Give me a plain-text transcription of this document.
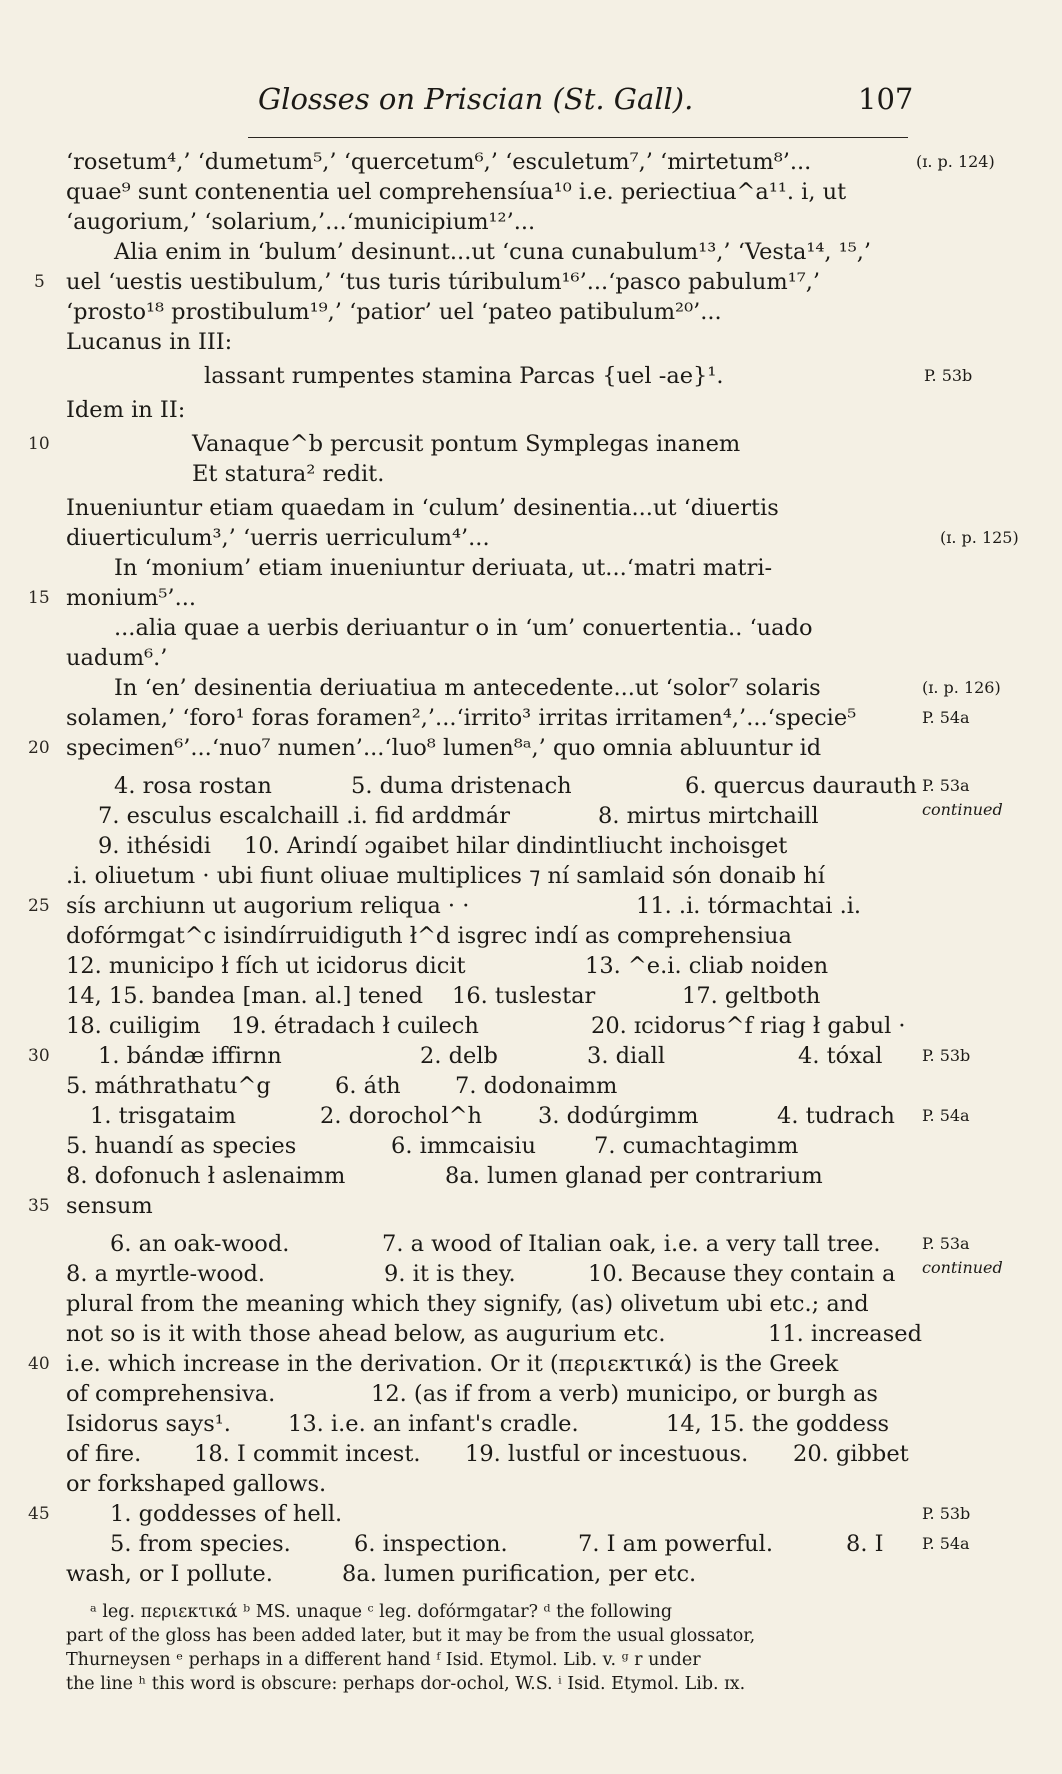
Glosses on Priscian (St. Gall).	107
‘rosetum⁴,’ ‘dumetum⁵,’ ‘quercetum⁶,’ ‘esculetum⁷,’ ‘mirtetum⁸’...
quae⁹ sunt contenentia uel comprehensíua¹⁰ i.e. periectiua^a¹¹. i, ut
‘augorium,’ ‘solarium,’...‘municipium¹²’...
Alia enim in ‘bulum’ desinunt...ut ‘cuna cunabulum¹³,’ ‘Vesta¹⁴, ¹⁵,’
uel ‘uestis uestibulum,’ ‘tus turis túribulum¹⁶’...‘pasco pabulum¹⁷,’
‘prosto¹⁸ prostibulum¹⁹,’ ‘patior’ uel ‘pateo patibulum²⁰’...
Lucanus in III:
lassant rumpentes stamina Parcas {uel -ae}¹.
Idem in II:
Vanaque^b percusit pontum Symplegas inanem
Et statura² redit.
Inueniuntur etiam quaedam in ‘culum’ desinentia...ut ‘diuertis
diuerticulum³,’ ‘uerris uerriculum⁴’...
In ‘monium’ etiam inueniuntur deriuata, ut...‘matri matri-
monium⁵’...
...alia quae a uerbis deriuantur o in ‘um’ conuertentia.. ‘uado
uadum⁶.’
In ‘en’ desinentia deriuatiua m antecedente...ut ‘solor⁷ solaris
solamen,’ ‘foro¹ foras foramen²,’...‘irrito³ irritas irritamen⁴,’...‘specie⁵
specimen⁶’...‘nuo⁷ numen’...‘luo⁸ lumen⁸ᵃ,’ quo omnia abluuntur id
4. rosa rostan	5. duma dristenach	6. quercus daurauth
7. esculus escalchaill .i. fid arddmár	8. mirtus mirtchaill
9. ithésidi 10. Arindí ɔgaibet hilar dindintliucht inchoisget
.i. oliuetum · ubi fiunt oliuae multiplices ⁊ ní samlaid són donaib hí
sís archiunn ut augorium reliqua · ·	11. .i. tórmachtai .i.
dofórmgat^c isindírruidiguth ł^d isgrec indí as comprehensiua
12. municipo ł fích ut icidorus dicit	13. ^e.i. cliab noiden
14, 15. bandea [man. al.] tened 16. tuslestar	17. geltboth
18. cuiligim 19. étradach ł cuilech	20. ɪcidorus^f riag ł gabul ·
1. bándæ iffirnn	2. delb	3. diall	4. tóxal
5. máthrathatu^g	6. áth 7. dodonaimm
1. trisgataim	2. dorochol^h 3. dodúrgimm	4. tudrach
5. huandí as species	6. immcaisiu	7. cumachtagimm
8. dofonuch ł aslenaimm	8a. lumen glanad per contrarium
sensum
6. an oak-wood.	7. a wood of Italian oak, i.e. a very tall tree.
8. a myrtle-wood.	9. it is they.	10. Because they contain a
plural from the meaning which they signify, (as) olivetum ubi etc.; and
not so is it with those ahead below, as augurium etc.	11. increased
i.e. which increase in the derivation. Or it (περιεκτικά) is the Greek
of comprehensiva.	12. (as if from a verb) municipo, or burgh as
Isidorus says¹.	13. i.e. an infant's cradle.	14, 15. the goddess
of fire. 18. I commit incest. 19. lustful or incestuous. 20. gibbet
or forkshaped gallows.
1. goddesses of hell.
5. from species.	6. inspection.	7. I am powerful.	8. I
wash, or I pollute.	8a. lumen purification, per etc.
ᵃ leg. περιεκτικά ᵇ MS. unaque ᶜ leg. dofórmgatar? ᵈ the following
part of the gloss has been added later, but it may be from the usual glossator,
Thurneysen ᵉ perhaps in a different hand ᶠ Isid. Etymol. Lib. v. ᵍ r under
the line ʰ this word is obscure: perhaps dor-ochol, W.S. ⁱ Isid. Etymol. Lib. ɪx.
5
10
15
20
25
30
35
40
45
(ɪ. p. 124)
P. 53b
(ɪ. p. 125)
(ɪ. p. 126)
P. 54a
P. 53a
continued
P. 53b
P. 54a
P. 53a
continued
P. 53b
P. 54a
